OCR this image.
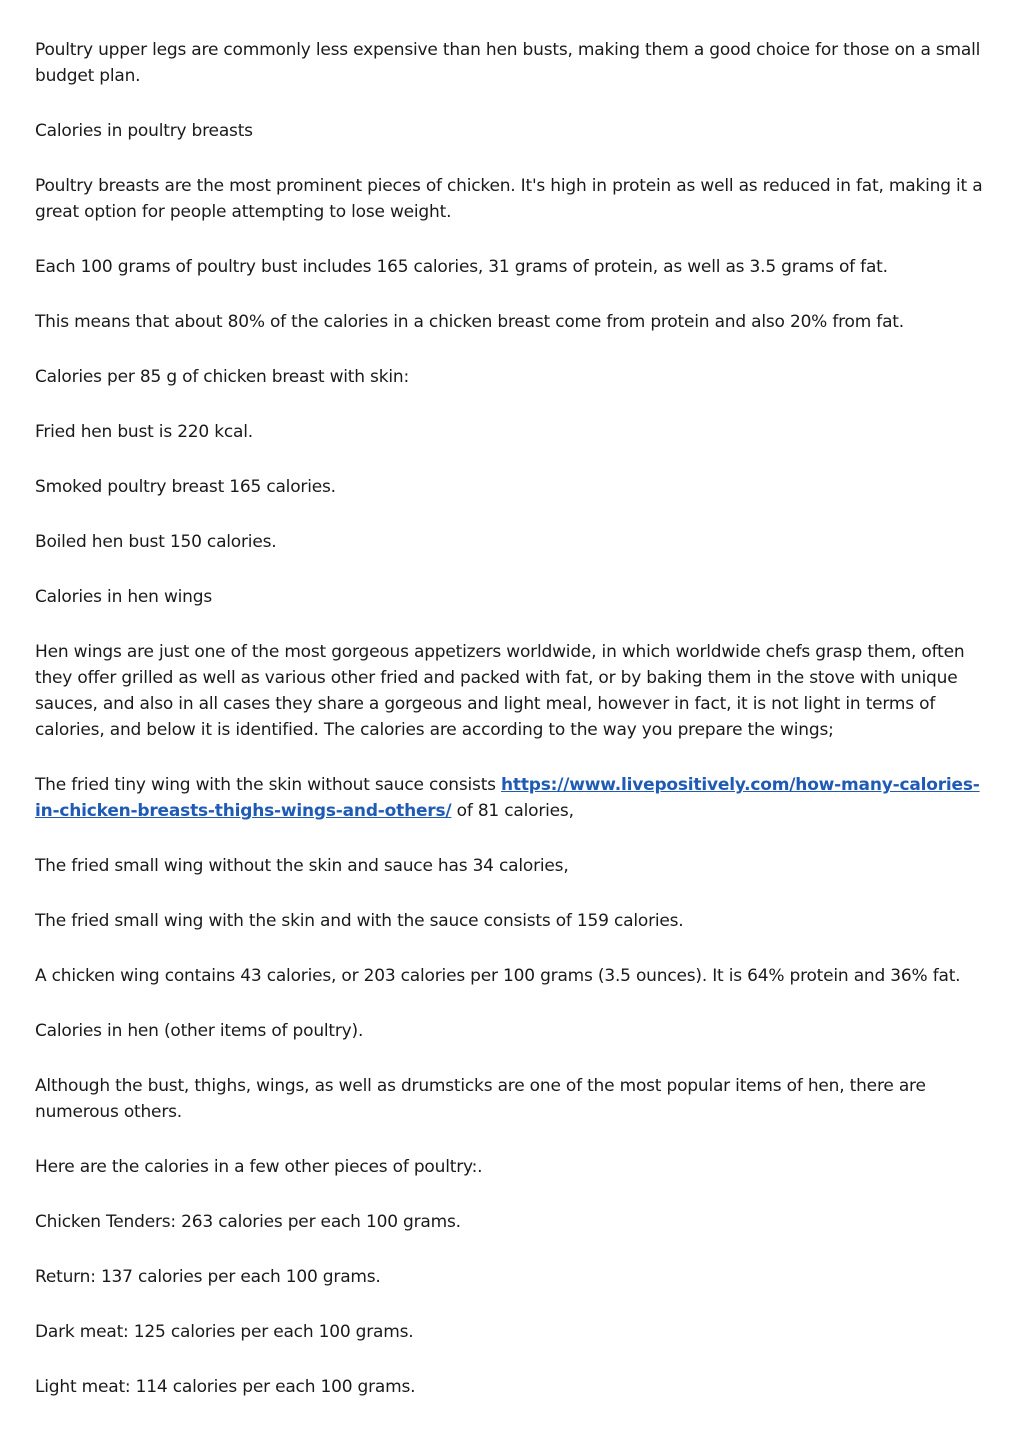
Poultry upper legs are commonly less expensive than hen busts, making them a good choice for those on a small budget plan.

Calories in poultry breasts

Poultry breasts are the most prominent pieces of chicken. It's high in protein as well as reduced in fat, making it a great option for people attempting to lose weight.

Each 100 grams of poultry bust includes 165 calories, 31 grams of protein, as well as 3.5 grams of fat.

This means that about 80% of the calories in a chicken breast come from protein and also 20% from fat.

Calories per 85 g of chicken breast with skin:

Fried hen bust is 220 kcal.

Smoked poultry breast 165 calories.

Boiled hen bust 150 calories.

Calories in hen wings

Hen wings are just one of the most gorgeous appetizers worldwide, in which worldwide chefs grasp them, often they offer grilled as well as various other fried and packed with fat, or by baking them in the stove with unique sauces, and also in all cases they share a gorgeous and light meal, however in fact, it is not light in terms of calories, and below it is identified. The calories are according to the way you prepare the wings;

The fried tiny wing with the skin without sauce consists https://www.livepositively.com/how-many-calories-in-chicken-breasts-thighs-wings-and-others/ of 81 calories,

The fried small wing without the skin and sauce has 34 calories,

The fried small wing with the skin and with the sauce consists of 159 calories.

A chicken wing contains 43 calories, or 203 calories per 100 grams (3.5 ounces). It is 64% protein and 36% fat.

Calories in hen (other items of poultry).

Although the bust, thighs, wings, as well as drumsticks are one of the most popular items of hen, there are numerous others.

Here are the calories in a few other pieces of poultry:.

Chicken Tenders: 263 calories per each 100 grams.

Return: 137 calories per each 100 grams.

Dark meat: 125 calories per each 100 grams.

Light meat: 114 calories per each 100 grams.
